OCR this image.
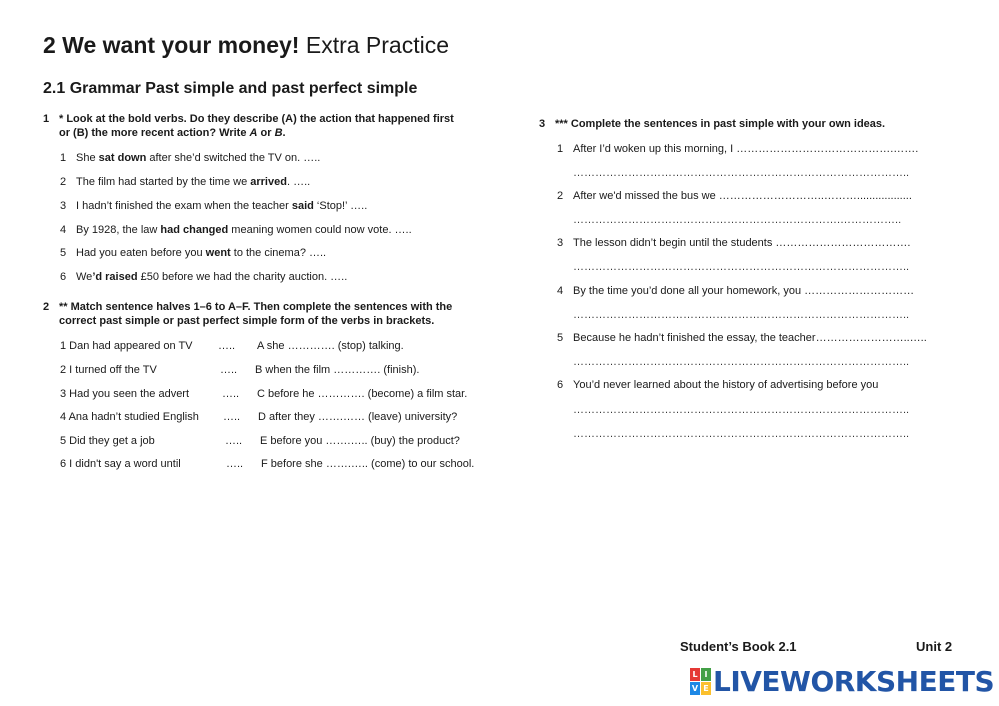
2 We want your money! Extra Practice
2.1 Grammar Past simple and past perfect simple
1 * Look at the bold verbs. Do they describe (A) the action that happened first
or (B) the more recent action? Write A or B.
1 She sat down after she’d switched the TV on. …..
2 The film had started by the time we arrived. …..
3 I hadn’t finished the exam when the teacher said ‘Stop!’ …..
4 By 1928, the law had changed meaning women could now vote. …..
5 Had you eaten before you went to the cinema? …..
6 We’d raised £50 before we had the charity auction. …..
2 ** Match sentence halves 1–6 to A–F. Then complete the sentences with the
correct past simple or past perfect simple form of the verbs in brackets.
1 Dan had appeared on TV ….. A she …………. (stop) talking.
2 I turned off the TV	….. B when the film …………. (finish).
3 Had you seen the advert	….. C before he …………. (become) a film star.
4 Ana hadn’t studied English ….. D after they …….…… (leave) university?
5 Did they get a job	….. E before you …….….. (buy) the product?
6 I didn't say a word until	….. F before she …….….. (come) to our school.
3 *** Complete the sentences in past simple with your own ideas.
1 After I’d woken up this morning, I …………………………………….…….
………………………………………………………………………………..
2 After we'd missed the bus we ………………………..………..................
……………………………………………………………….……………..
3 The lesson didn’t begin until the students ……………………………….
………………………………………………………………………………..
4 By the time you’d done all your homework, you …………………………
………………………………………………………………………………..
5 Because he hadn’t finished the essay, the teacher……………………..…..
………………………………………………………………………………..
6 You’d never learned about the history of advertising before you
………………………………………………………………………………..
………………………………………………………………………………..
Student’s Book 2.1	Unit 2
L I
V E LIVEWORKSHEETS
